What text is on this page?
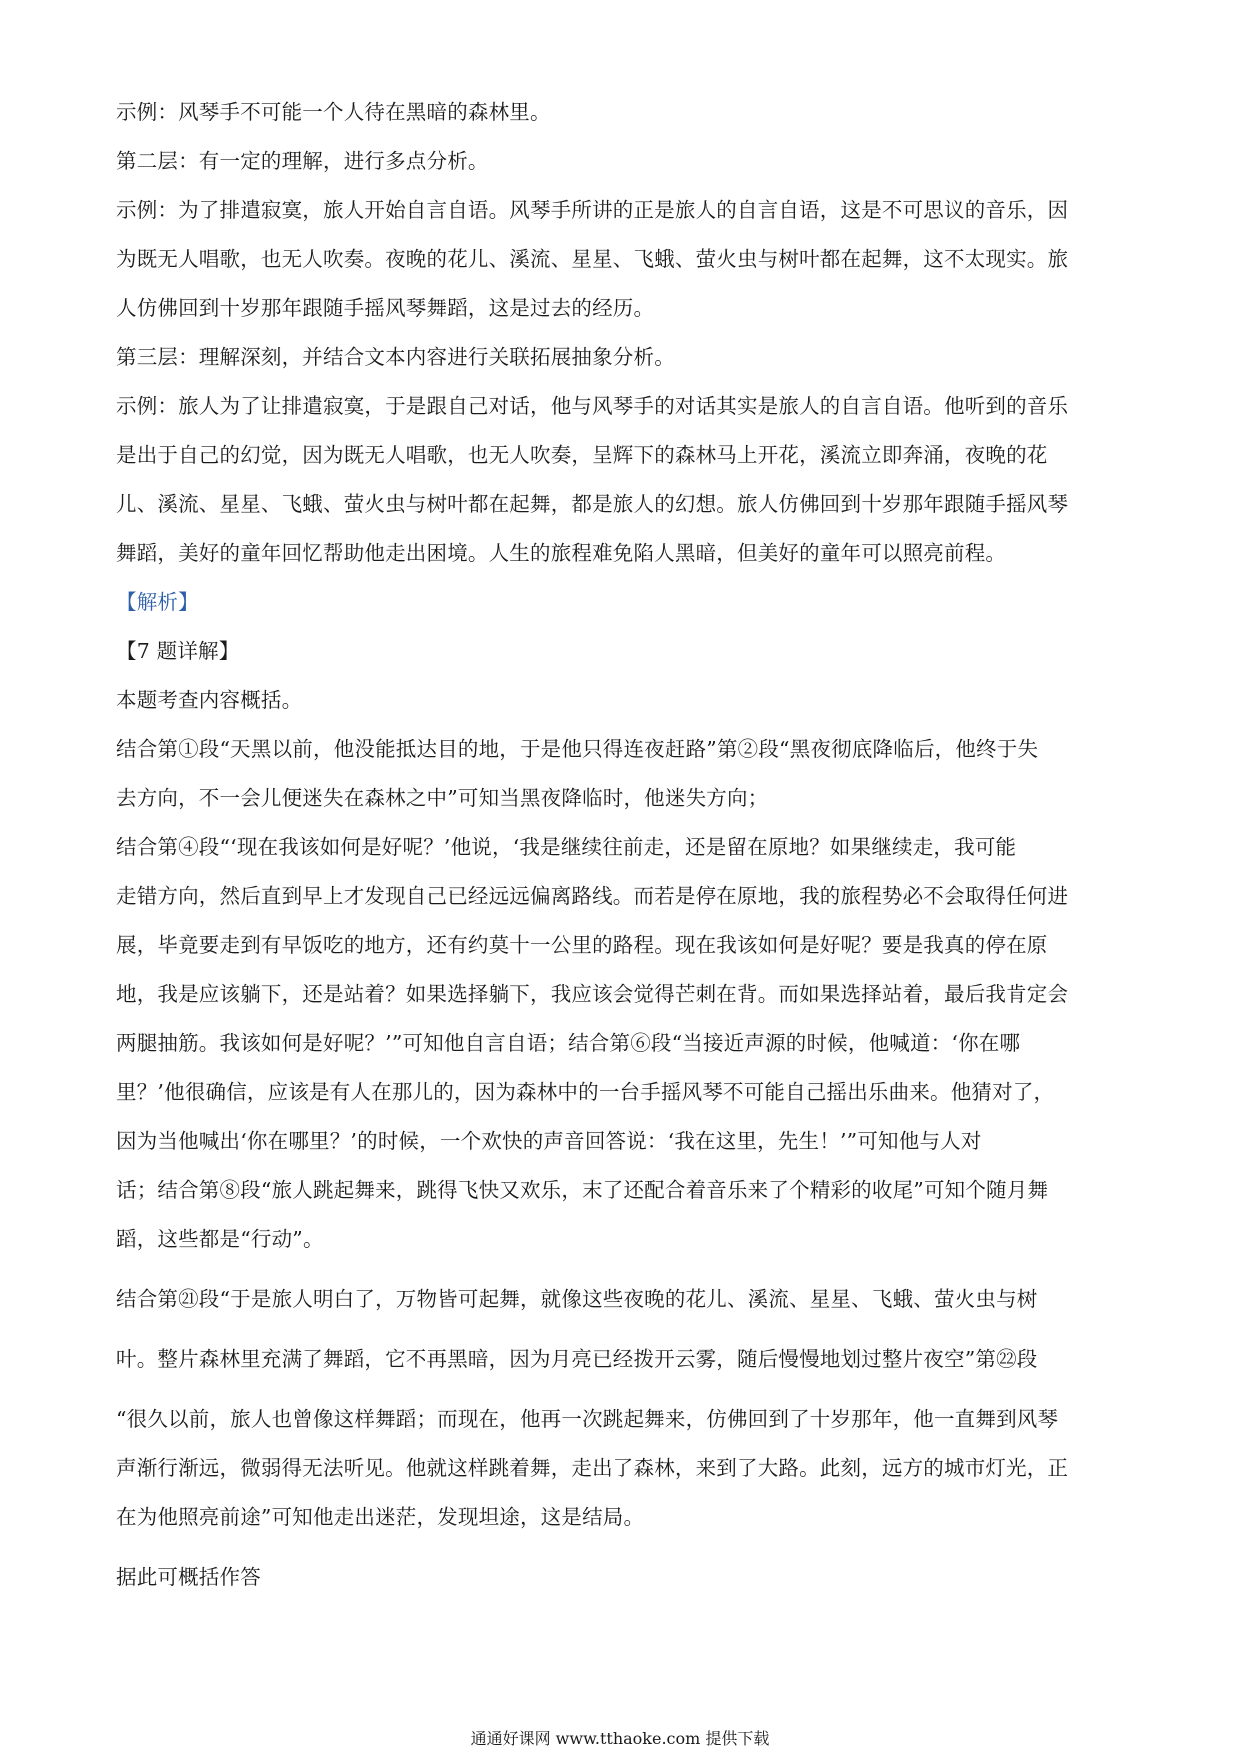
示例：风琴手不可能一个人待在黑暗的森林里。

第二层：有一定的理解，进行多点分析。

示例：为了排遣寂寞，旅人开始自言自语。风琴手所讲的正是旅人的自言自语，这是不可思议的音乐，因

为既无人唱歌，也无人吹奏。夜晚的花儿、溪流、星星、飞蛾、萤火虫与树叶都在起舞，这不太现实。旅

人仿佛回到十岁那年跟随手摇风琴舞蹈，这是过去的经历。

第三层：理解深刻，并结合文本内容进行关联拓展抽象分析。

示例：旅人为了让排遣寂寞，于是跟自己对话，他与风琴手的对话其实是旅人的自言自语。他听到的音乐

是出于自己的幻觉，因为既无人唱歌，也无人吹奏，呈辉下的森林马上开花，溪流立即奔涌，夜晚的花

儿、溪流、星星、飞蛾、萤火虫与树叶都在起舞，都是旅人的幻想。旅人仿佛回到十岁那年跟随手摇风琴

舞蹈，美好的童年回忆帮助他走出困境。人生的旅程难免陷人黑暗，但美好的童年可以照亮前程。

【解析】

【7 题详解】

本题考查内容概括。

结合第①段“天黑以前，他没能抵达目的地，于是他只得连夜赶路”第②段“黑夜彻底降临后，他终于失

去方向，不一会儿便迷失在森林之中”可知当黑夜降临时，他迷失方向；

结合第④段“‘现在我该如何是好呢？’他说，‘我是继续往前走，还是留在原地？如果继续走，我可能

走错方向，然后直到早上才发现自己已经远远偏离路线。而若是停在原地，我的旅程势必不会取得任何进

展，毕竟要走到有早饭吃的地方，还有约莫十一公里的路程。现在我该如何是好呢？要是我真的停在原

地，我是应该躺下，还是站着？如果选择躺下，我应该会觉得芒刺在背。而如果选择站着，最后我肯定会

两腿抽筋。我该如何是好呢？’”可知他自言自语；结合第⑥段“当接近声源的时候，他喊道：‘你在哪

里？’他很确信，应该是有人在那儿的，因为森林中的一台手摇风琴不可能自己摇出乐曲来。他猜对了，

因为当他喊出‘你在哪里？’的时候，一个欢快的声音回答说：‘我在这里，先生！’”可知他与人对

话；结合第⑧段“旅人跳起舞来，跳得飞快又欢乐，末了还配合着音乐来了个精彩的收尾”可知个随月舞

蹈，这些都是“行动”。

结合第㉑段“于是旅人明白了，万物皆可起舞，就像这些夜晚的花儿、溪流、星星、飞蛾、萤火虫与树

叶。整片森林里充满了舞蹈，它不再黑暗，因为月亮已经拨开云雾，随后慢慢地划过整片夜空”第㉒段

“很久以前，旅人也曾像这样舞蹈；而现在，他再一次跳起舞来，仿佛回到了十岁那年，他一直舞到风琴

声渐行渐远，微弱得无法听见。他就这样跳着舞，走出了森林，来到了大路。此刻，远方的城市灯光，正

在为他照亮前途”可知他走出迷茫，发现坦途，这是结局。

据此可概括作答

通通好课网 www.tthaoke.com 提供下载
